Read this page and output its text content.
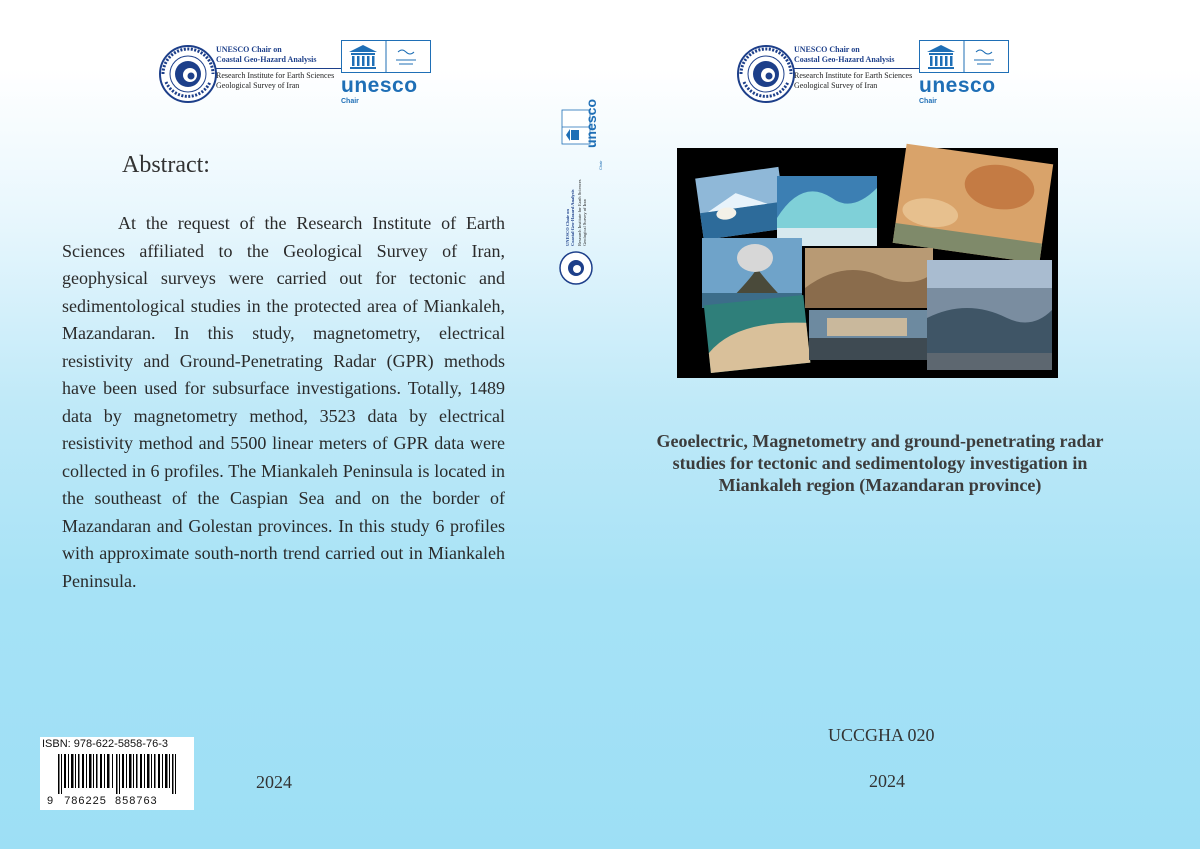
UNESCO Chair on
Coastal Geo-Hazard Analysis
Research Institute for Earth Sciences
Geological Survey of Iran	unesco
Chair
UNESCO Chair on
Coastal Geo-Hazard Analysis
Research Institute for Earth Sciences
Geological Survey of Iran	unesco
Chair
unesco
Chair
UNESCO Chair on Coastal Geo-Hazard Analysis Research Institute for Earth Sciences Geological Survey of Iran
Abstract:
At the request of the Research Institute of Earth Sciences affiliated to the Geological Survey of Iran, geophysical surveys were carried out for tectonic and sedimentological studies in the protected area of Miankaleh, Mazandaran. In this study, magnetometry, electrical resistivity and Ground-Penetrating Radar (GPR) methods have been used for subsurface investigations. Totally, 1489 data by magnetometry method, 3523 data by electrical resistivity method and 5500 linear meters of GPR data were collected in 6 profiles. The Miankaleh Peninsula is located in the southeast of the Caspian Sea and on the border of Mazandaran and Golestan provinces. In this study 6 profiles with approximate south-north trend carried out in Miankaleh Peninsula.
ISBN: 978-622-5858-76-3
9 786225 858763
2024
Geoelectric, Magnetometry and ground-penetrating radar
studies for tectonic and sedimentology investigation in
Miankaleh region (Mazandaran province)
UCCGHA 020
2024
